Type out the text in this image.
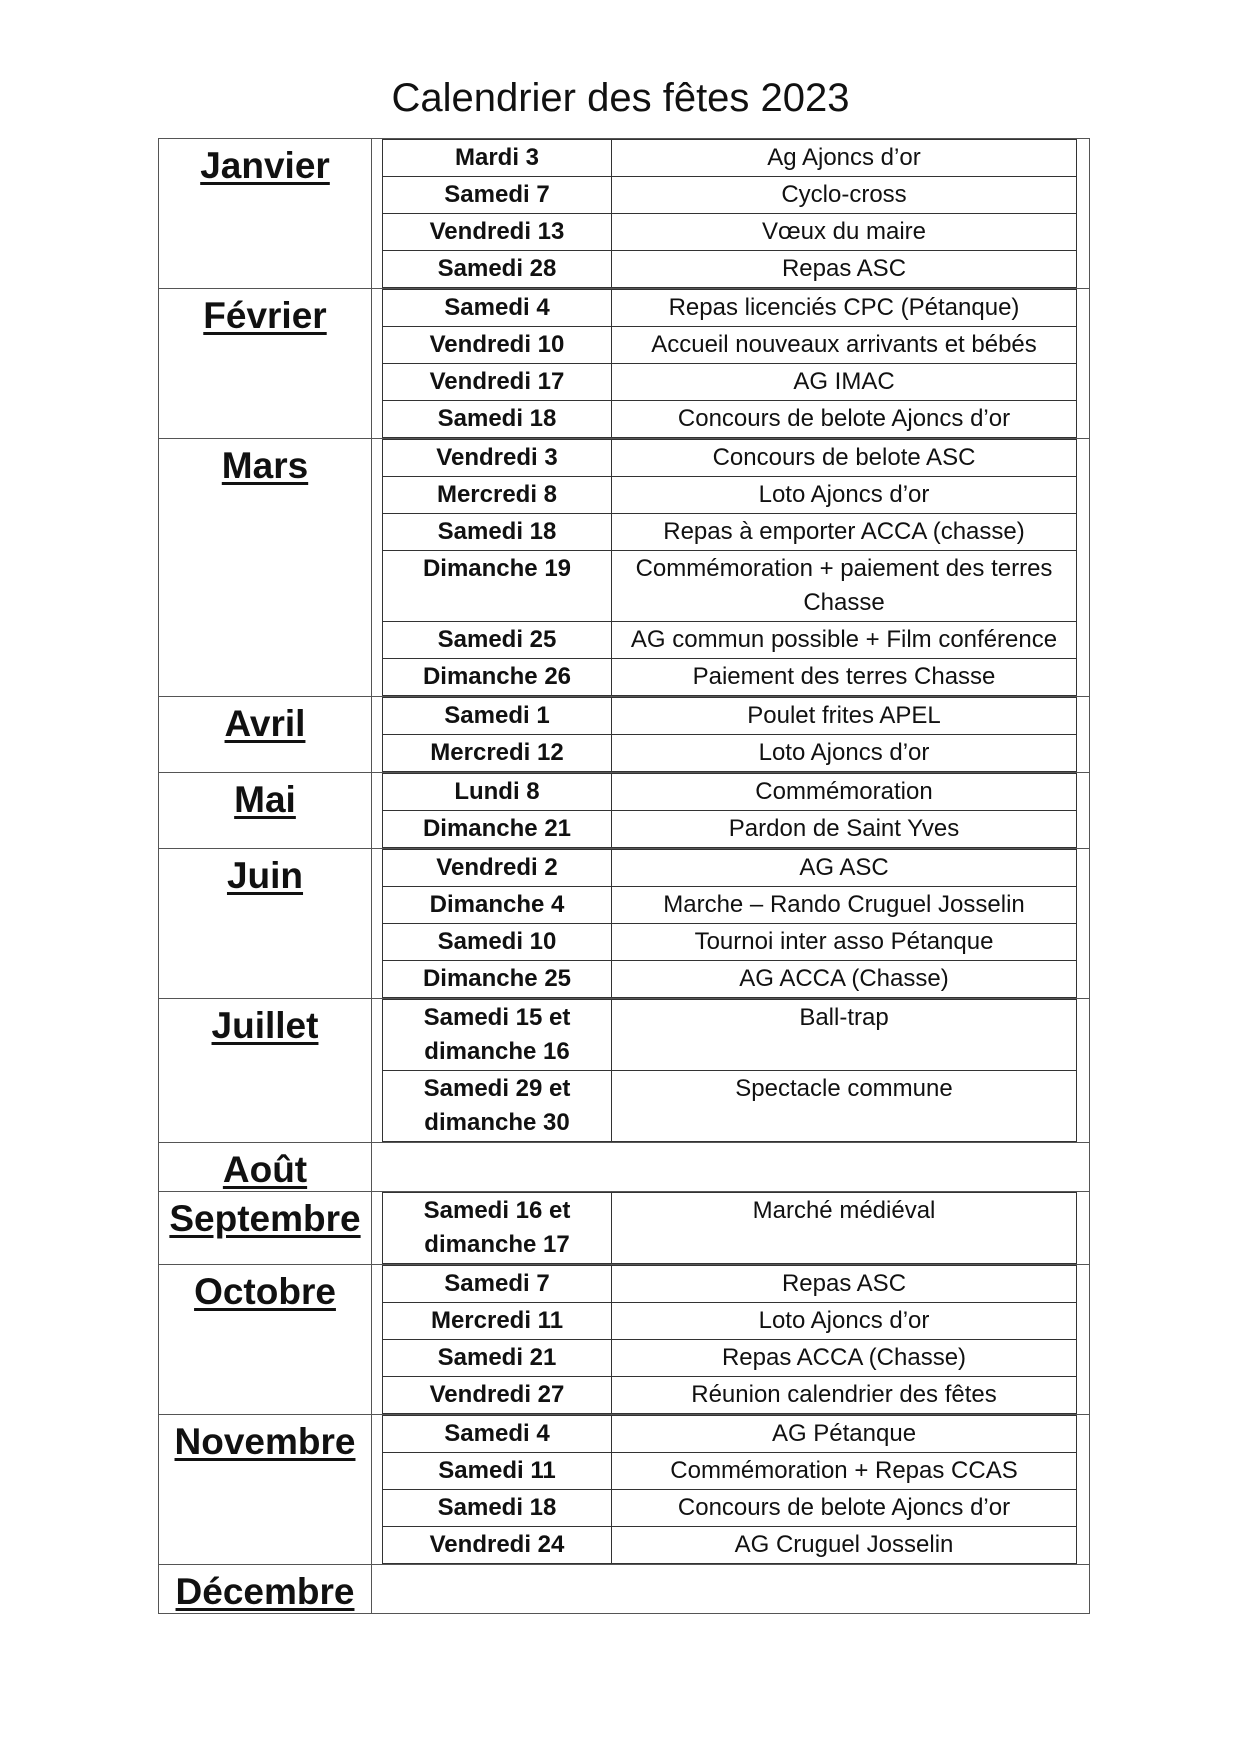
Calendrier des fêtes 2023
Janvier		Mardi 3	Ag Ajoncs d’or
Samedi 7	Cyclo-cross
Vendredi 13	Vœux du maire
Samedi 28	Repas ASC

Février		Samedi 4	Repas licenciés CPC (Pétanque)
Vendredi 10	Accueil nouveaux arrivants et bébés
Vendredi 17	AG IMAC
Samedi 18	Concours de belote Ajoncs d’or

Mars		Vendredi 3	Concours de belote ASC
Mercredi 8	Loto Ajoncs d’or
Samedi 18	Repas à emporter ACCA (chasse)
Dimanche 19	Commémoration + paiement des terres Chasse
Samedi 25	AG commun possible + Film conférence
Dimanche 26	Paiement des terres Chasse

Avril		Samedi 1	Poulet frites APEL
Mercredi 12	Loto Ajoncs d’or

Mai		Lundi 8	Commémoration
Dimanche 21	Pardon de Saint Yves

Juin		Vendredi 2	AG ASC
Dimanche 4	Marche – Rando Cruguel Josselin
Samedi 10	Tournoi inter asso Pétanque
Dimanche 25	AG ACCA (Chasse)

Juillet		Samedi 15 et dimanche 16	Ball-trap
Samedi 29 et dimanche 30	Spectacle commune

Août	

Septembre		Samedi 16 et dimanche 17	Marché médiéval

Octobre		Samedi 7	Repas ASC
Mercredi 11	Loto Ajoncs d’or
Samedi 21	Repas ACCA (Chasse)
Vendredi 27	Réunion calendrier des fêtes

Novembre		Samedi 4	AG Pétanque
Samedi 11	Commémoration + Repas CCAS
Samedi 18	Concours de belote Ajoncs d’or
Vendredi 24	AG Cruguel Josselin

Décembre	
